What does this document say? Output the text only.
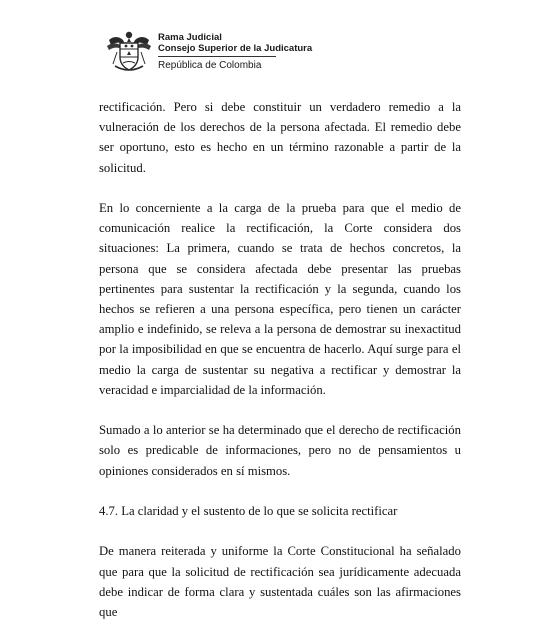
Rama Judicial
Consejo Superior de la Judicatura
República de Colombia

rectificación. Pero si debe constituir un verdadero remedio a la vulneración de los derechos de la persona afectada. El remedio debe ser oportuno, esto es hecho en un término razonable a partir de la solicitud.

En lo concerniente a la carga de la prueba para que el medio de comunicación realice la rectificación, la Corte considera dos situaciones: La primera, cuando se trata de hechos concretos, la persona que se considera afectada debe presentar las pruebas pertinentes para sustentar la rectificación y la segunda, cuando los hechos se refieren a una persona específica, pero tienen un carácter amplio e indefinido, se releva a la persona de demostrar su inexactitud por la imposibilidad en que se encuentra de hacerlo. Aquí surge para el medio la carga de sustentar su negativa a rectificar y demostrar la veracidad e imparcialidad de la información.

Sumado a lo anterior se ha determinado que el derecho de rectificación solo es predicable de informaciones, pero no de pensamientos u opiniones considerados en sí mismos.

4.7. La claridad y el sustento de lo que se solicita rectificar

De manera reiterada y uniforme la Corte Constitucional ha señalado que para que la solicitud de rectificación sea jurídicamente adecuada debe indicar de forma clara y sustentada cuáles son las afirmaciones que
